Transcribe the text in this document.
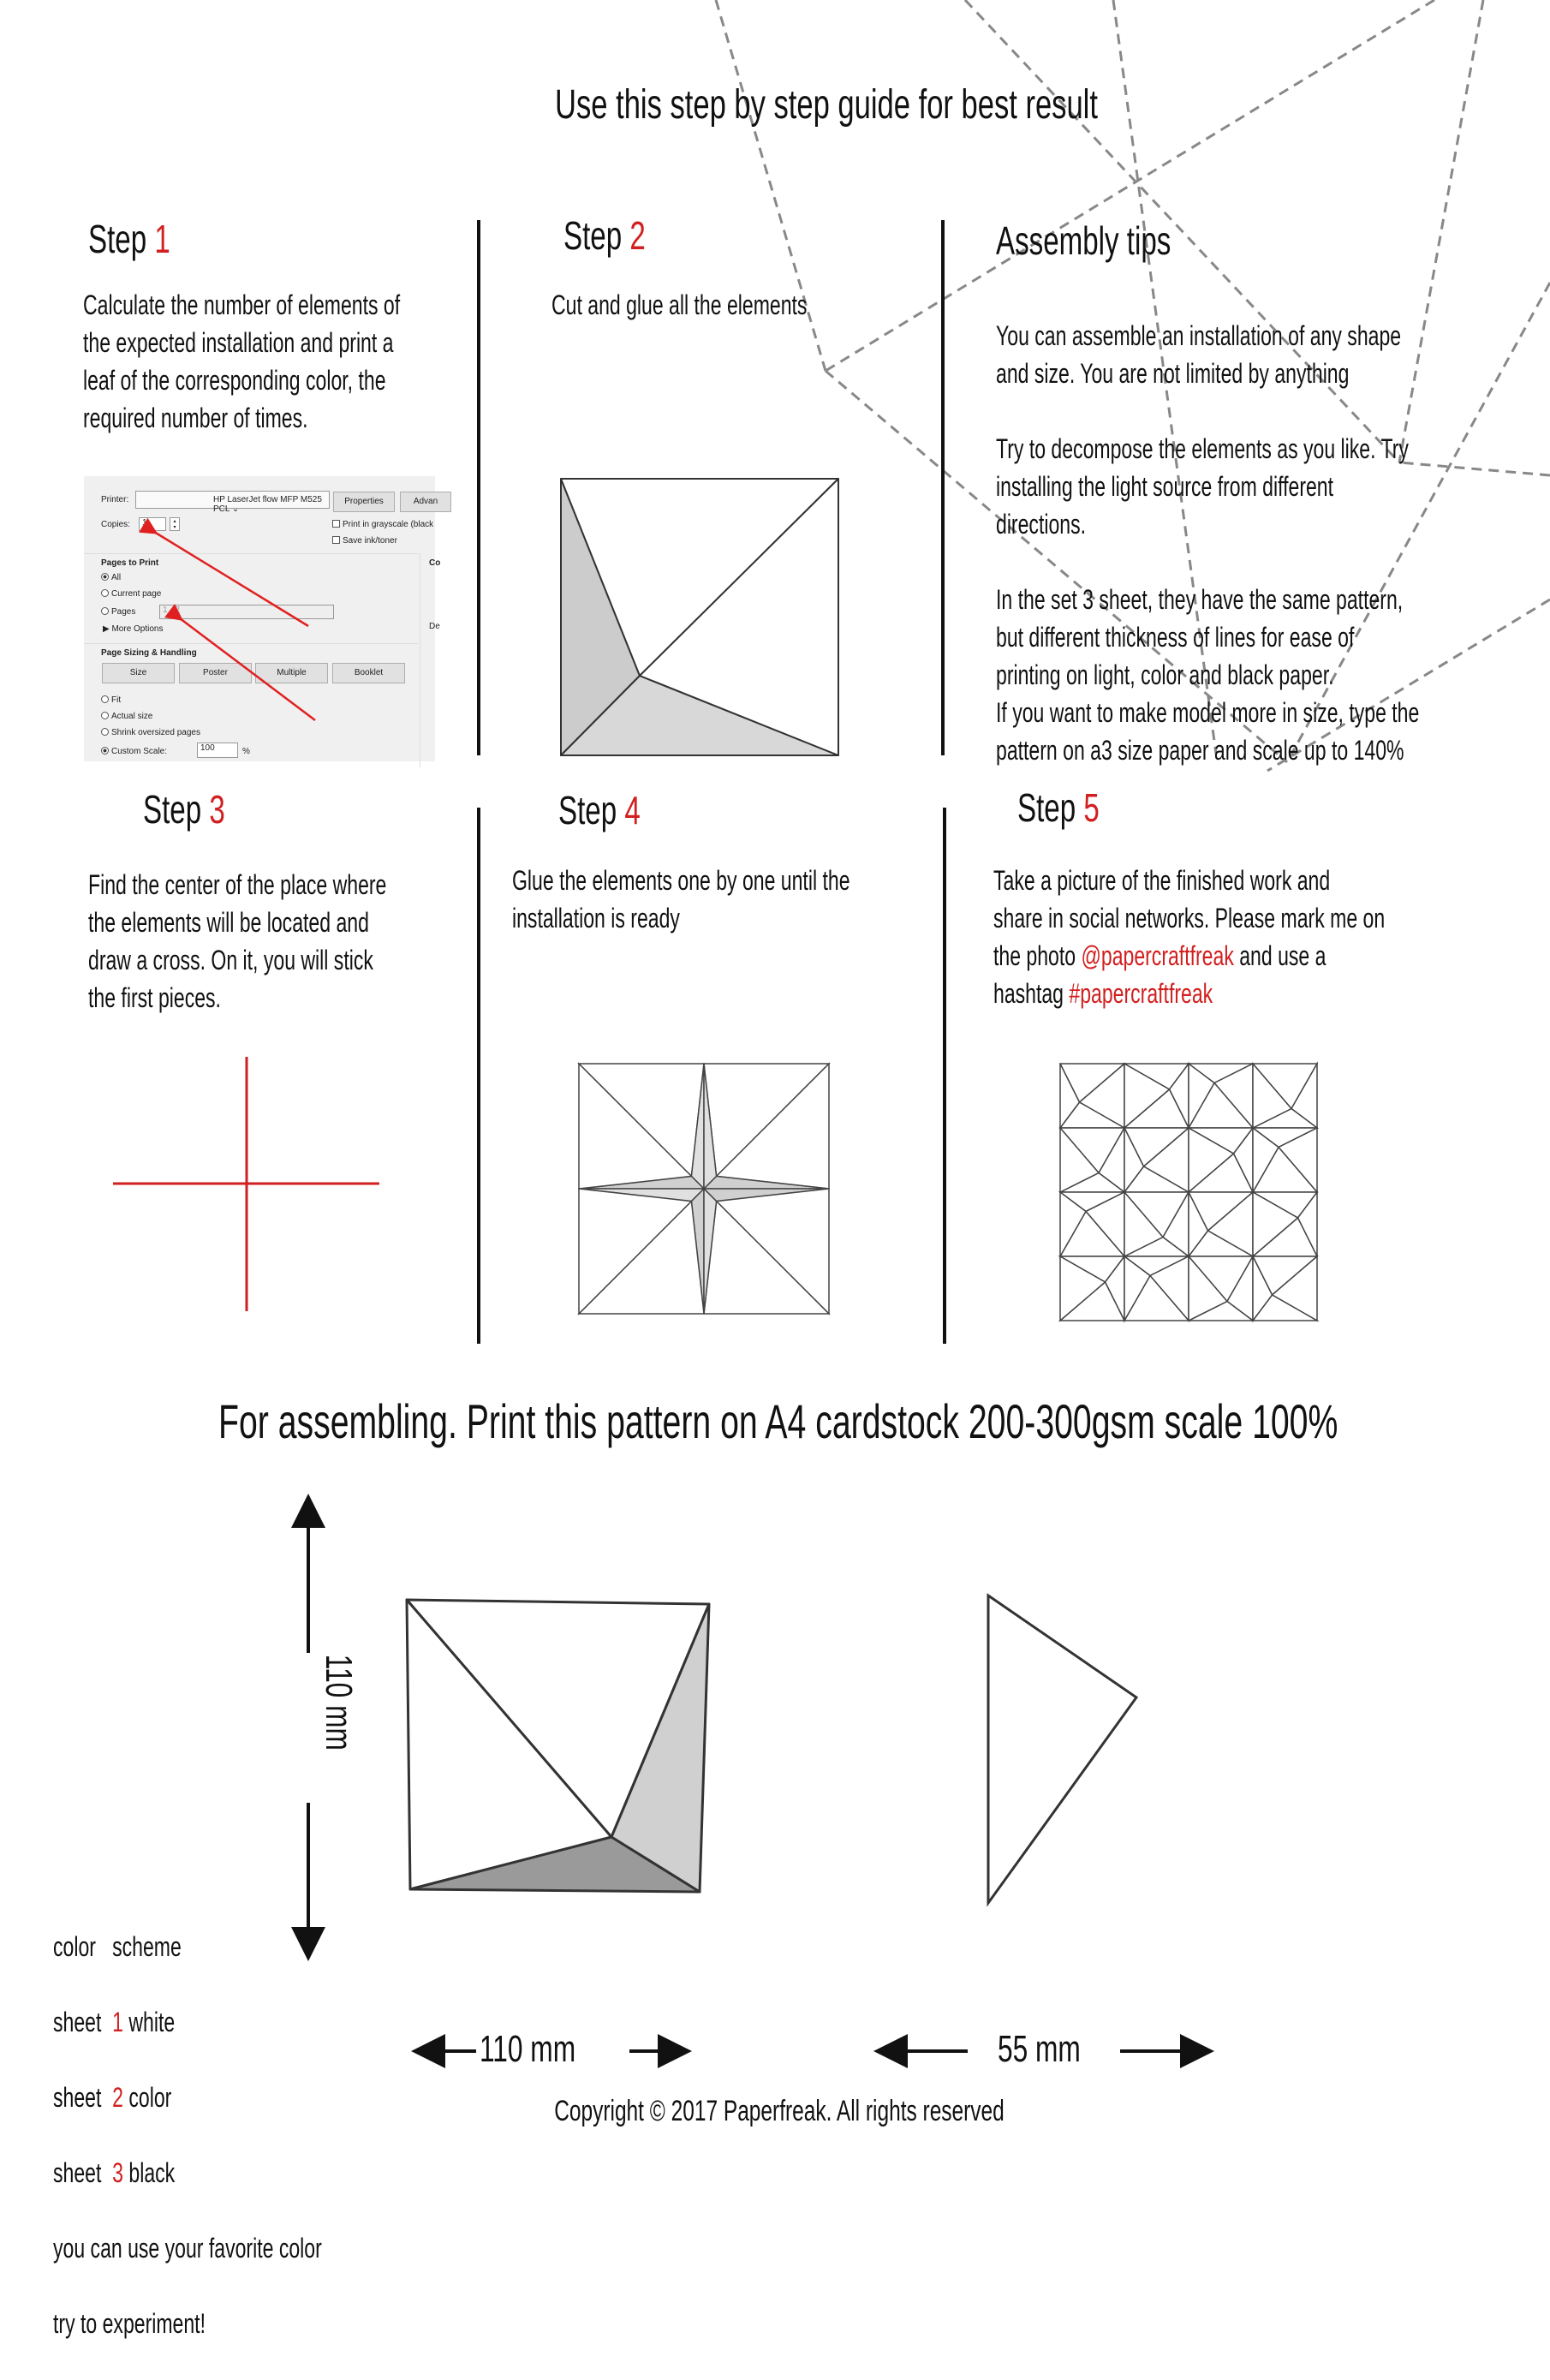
Use this step by step guide for best result
Step 1
Calculate the number of elements of
the expected installation and print a
leaf of the corresponding color, the
required number of times.
Printer:	HP LaserJet flow MFP M525 PCL ⌄
Properties	Advan
Copies:	1	▴
▾	Print in grayscale (black
Save ink/toner
Pages to Print
All
Current page
Pages	1 - 2
▶ More Options
Page Sizing & Handling
Size	Poster	Multiple	Booklet
Fit
Actual size
Shrink oversized pages
Custom Scale:	100	%
Co
De
Step 2
Cut and glue all the elements
Assembly tips
You can assemble an installation of any shape
and size. You are not limited by anything
Try to decompose the elements as you like. Try
installing the light source from different
directions.
In the set 3 sheet, they have the same pattern,
but different thickness of lines for ease of
printing on light, color and black paper.
If you want to make model more in size, type the
pattern on a3 size paper and scale up to 140%
Step 3
Find the center of the place where
the elements will be located and
draw a cross. On it, you will stick
the first pieces.
Step 4
Glue the elements one by one until the
installation is ready
Step 5
Take a picture of the finished work and
share in social networks. Please mark me on
the photo @papercraftfreak and use a
hashtag #papercraftfreak
For assembling. Print this pattern on A4 cardstock 200-300gsm scale 100%
110 mm
110 mm	55 mm

color   scheme

sheet 1 white

sheet 2 color

sheet 3 black

you can use your favorite color

try to experiment!

Copyright © 2017 Paperfreak. All rights reserved
